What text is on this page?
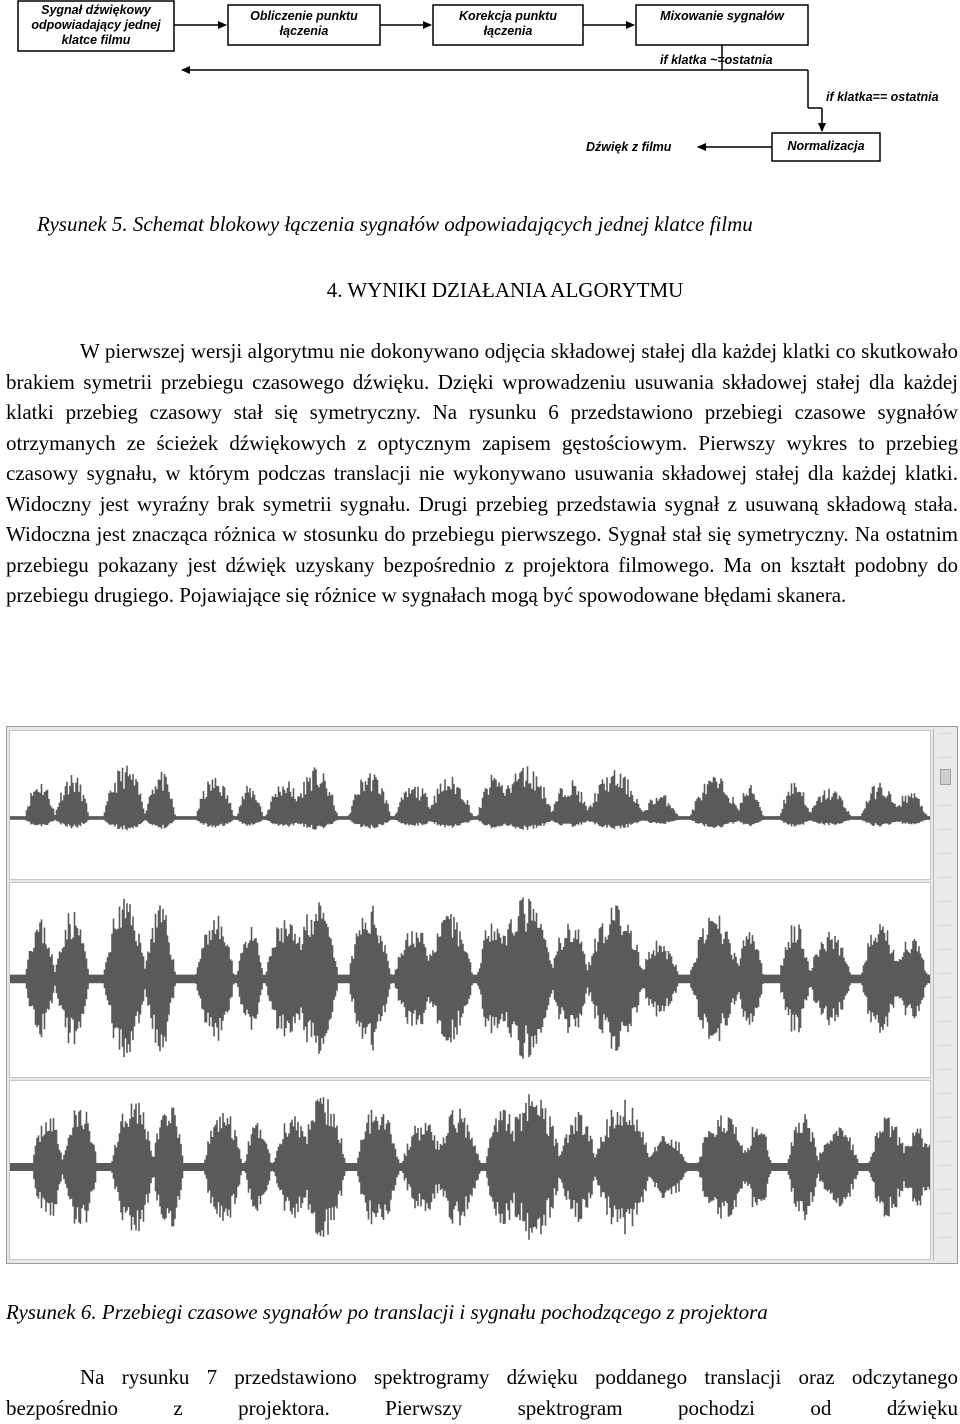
Sygnał dźwiękowy odpowiadający jednej klatce filmu
Obliczenie punktu łączenia
Korekcja punktu łączenia
Mixowanie sygnałów
if klatka ~=ostatnia
if klatka== ostatnia
Dźwięk z filmu	Normalizacja
Rysunek 5. Schemat blokowy łączenia sygnałów odpowiadających jednej klatce filmu
4. WYNIKI DZIAŁANIA ALGORYTMU

W pierwszej wersji algorytmu nie dokonywano odjęcia składowej stałej dla każdej klatki co skutkowało brakiem symetrii przebiegu czasowego dźwięku. Dzięki wprowadzeniu usuwania składowej stałej dla każdej klatki przebieg czasowy stał się symetryczny. Na rysunku 6 przedstawiono przebiegi czasowe sygnałów otrzymanych ze ścieżek dźwiękowych z optycznym zapisem gęstościowym. Pierwszy wykres to przebieg czasowy sygnału, w którym podczas translacji nie wykonywano usuwania składowej stałej dla każdej klatki. Widoczny jest wyraźny brak symetrii sygnału. Drugi przebieg przedstawia sygnał z usuwaną składową stała. Widoczna jest znacząca różnica w stosunku do przebiegu pierwszego. Sygnał stał się symetryczny. Na ostatnim przebiegu pokazany jest dźwięk uzyskany bezpośrednio z projektora filmowego. Ma on kształt podobny do przebiegu drugiego. Pojawiające się różnice w sygnałach mogą być spowodowane błędami skanera.

Rysunek 6. Przebiegi czasowe sygnałów po translacji i sygnału pochodzącego z projektora

Na rysunku 7 przedstawiono spektrogramy dźwięku poddanego translacji oraz odczytanego bezpośrednio z projektora. Pierwszy spektrogram pochodzi od dźwięku
